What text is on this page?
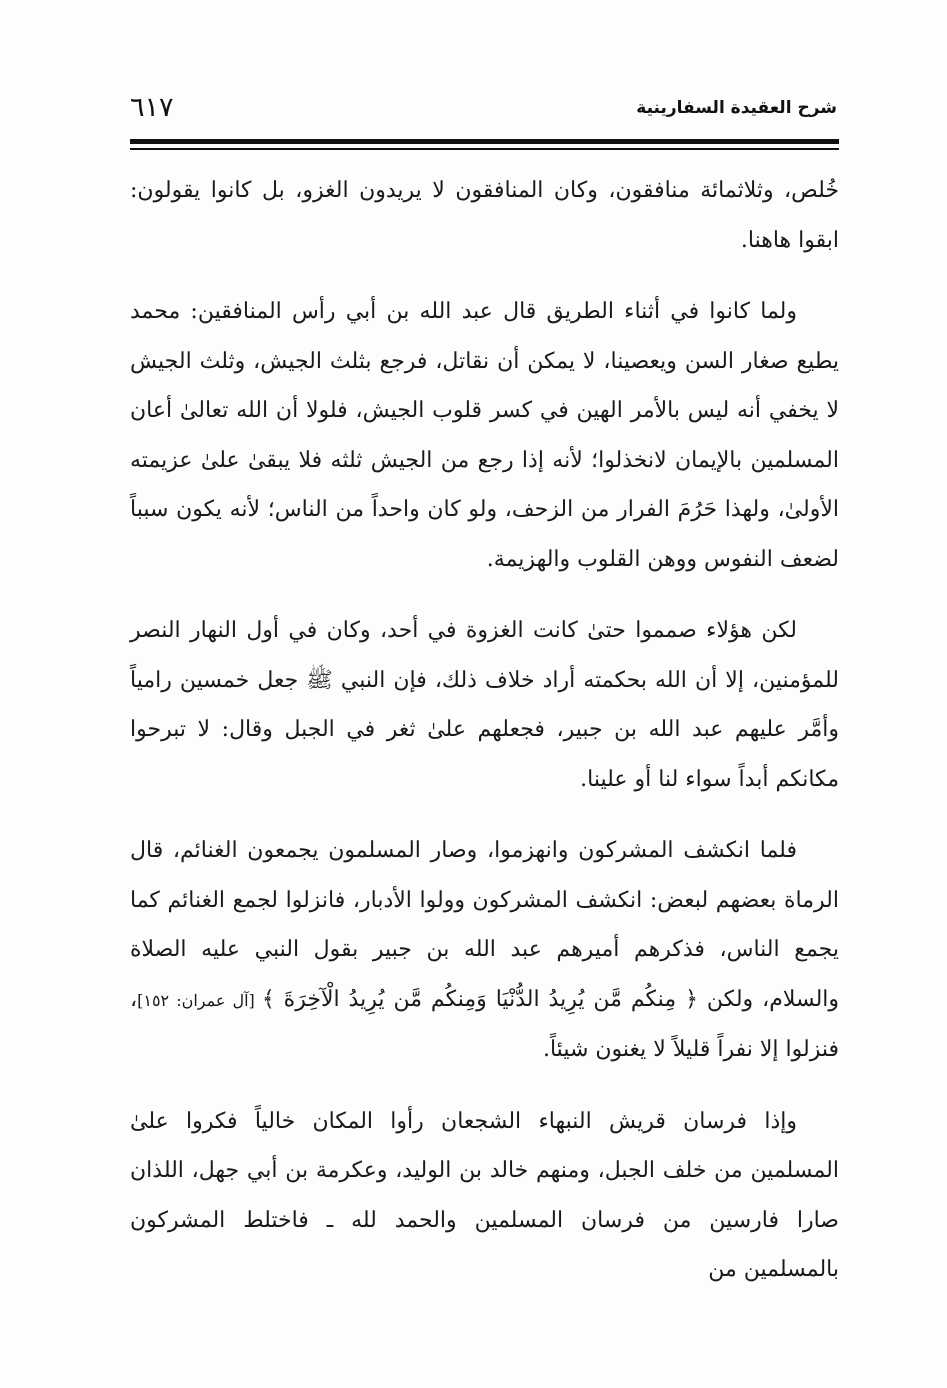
شرح العقيدة السفارينية
٦١٧

خُلص، وثلاثمائة منافقون، وكان المنافقون لا يريدون الغزو، بل كانوا يقولون: ابقوا هاهنا.

ولما كانوا في أثناء الطريق قال عبد الله بن أبي رأس المنافقين: محمد يطيع صغار السن ويعصينا، لا يمكن أن نقاتل، فرجع بثلث الجيش، وثلث الجيش لا يخفي أنه ليس بالأمر الهين في كسر قلوب الجيش، فلولا أن الله تعالىٰ أعان المسلمين بالإيمان لانخذلوا؛ لأنه إذا رجع من الجيش ثلثه فلا يبقىٰ علىٰ عزيمته الأولىٰ، ولهذا حَرُمَ الفرار من الزحف، ولو كان واحداً من الناس؛ لأنه يكون سبباً لضعف النفوس ووهن القلوب والهزيمة.

لكن هؤلاء صمموا حتىٰ كانت الغزوة في أحد، وكان في أول النهار النصر للمؤمنين، إلا أن الله بحكمته أراد خلاف ذلك، فإن النبي ﷺ جعل خمسين رامياً وأمَّر عليهم عبد الله بن جبير، فجعلهم علىٰ ثغر في الجبل وقال: لا تبرحوا مكانكم أبداً سواء لنا أو علينا.

فلما انكشف المشركون وانهزموا، وصار المسلمون يجمعون الغنائم، قال الرماة بعضهم لبعض: انكشف المشركون وولوا الأدبار، فانزلوا لجمع الغنائم كما يجمع الناس، فذكرهم أميرهم عبد الله بن جبير بقول النبي عليه الصلاة والسلام، ولكن ﴿ مِنكُم مَّن يُرِيدُ الدُّنْيَا وَمِنكُم مَّن يُرِيدُ الْآخِرَةَ ﴾ [آل عمران: ١٥٢]، فنزلوا إلا نفراً قليلاً لا يغنون شيئاً.

وإذا فرسان قريش النبهاء الشجعان رأوا المكان خالياً فكروا علىٰ المسلمين من خلف الجبل، ومنهم خالد بن الوليد، وعكرمة بن أبي جهل، اللذان صارا فارسين من فرسان المسلمين والحمد لله ـ فاختلط المشركون بالمسلمين من
